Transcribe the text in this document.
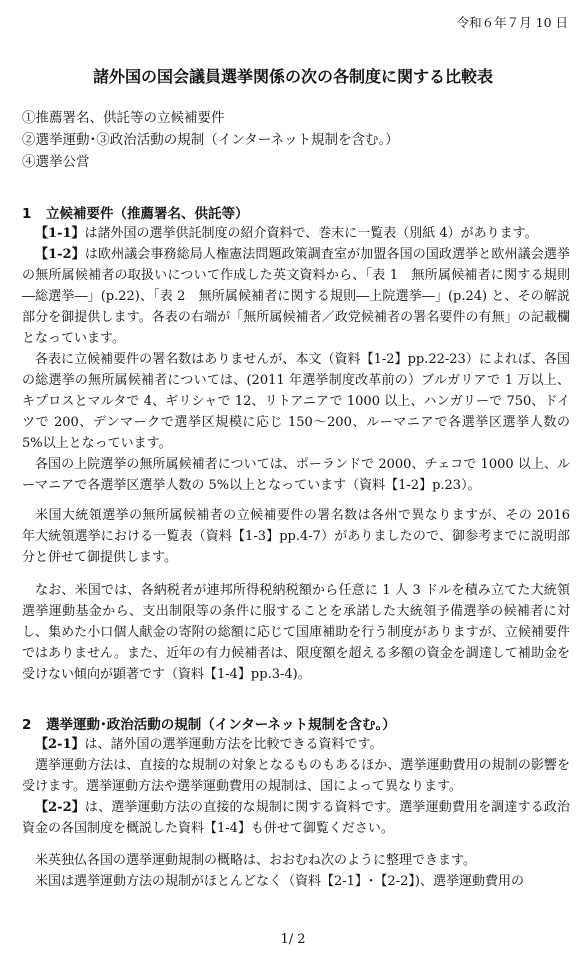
令和６年７月 10 日
諸外国の国会議員選挙関係の次の各制度に関する比較表
①推薦署名、供託等の立候補要件
②選挙運動･③政治活動の規制（インターネット規制を含む。）
④選挙公営
1 立候補要件（推薦署名、供託等）
【1-1】は諸外国の選挙供託制度の紹介資料で、巻末に一覧表（別紙 4）があります。
【1-2】は欧州議会事務総局人権憲法問題政策調査室が加盟各国の国政選挙と欧州議会選挙の無所属候補者の取扱いについて作成した英文資料から、「表 1　無所属候補者に関する規則―総選挙―」(p.22)、「表 2　無所属候補者に関する規則―上院選挙―」(p.24) と、その解説部分を御提供します。各表の右端が「無所属候補者／政党候補者の署名要件の有無」の記載欄となっています。
各表に立候補要件の署名数はありませんが、本文（資料【1-2】pp.22-23）によれば、各国の総選挙の無所属候補者については、(2011 年選挙制度改革前の）ブルガリアで 1 万以上、キプロスとマルタで 4、ギリシャで 12、リトアニアで 1000 以上、ハンガリーで 750、ドイツで 200、デンマークで選挙区規模に応じ 150～200、ルーマニアで各選挙区選挙人数の 5%以上となっています。
各国の上院選挙の無所属候補者については、ポーランドで 2000、チェコで 1000 以上、ルーマニアで各選挙区選挙人数の 5%以上となっています（資料【1-2】p.23）。
米国大統領選挙の無所属候補者の立候補要件の署名数は各州で異なりますが、その 2016 年大統領選挙における一覧表（資料【1-3】pp.4-7）がありましたので、御参考までに説明部分と併せて御提供します。
なお、米国では、各納税者が連邦所得税納税額から任意に 1 人 3 ドルを積み立てた大統領選挙運動基金から、支出制限等の条件に服することを承諾した大統領予備選挙の候補者に対し、集めた小口個人献金の寄附の総額に応じて国庫補助を行う制度がありますが、立候補要件ではありません。また、近年の有力候補者は、限度額を超える多額の資金を調達して補助金を受けない傾向が顕著です（資料【1-4】pp.3-4)。
2 選挙運動･政治活動の規制（インターネット規制を含む。）
【2-1】は、諸外国の選挙運動方法を比較できる資料です。
選挙運動方法は、直接的な規制の対象となるものもあるほか、選挙運動費用の規制の影響を受けます。選挙運動方法や選挙運動費用の規制は、国によって異なります。
【2-2】は、選挙運動方法の直接的な規制に関する資料です。選挙運動費用を調達する政治資金の各国制度を概説した資料【1-4】も併せて御覧ください。
米英独仏各国の選挙運動規制の概略は、おおむね次のように整理できます。
米国は選挙運動方法の規制がほとんどなく（資料【2-1】･【2-2】)、選挙運動費用の
1/ 2
